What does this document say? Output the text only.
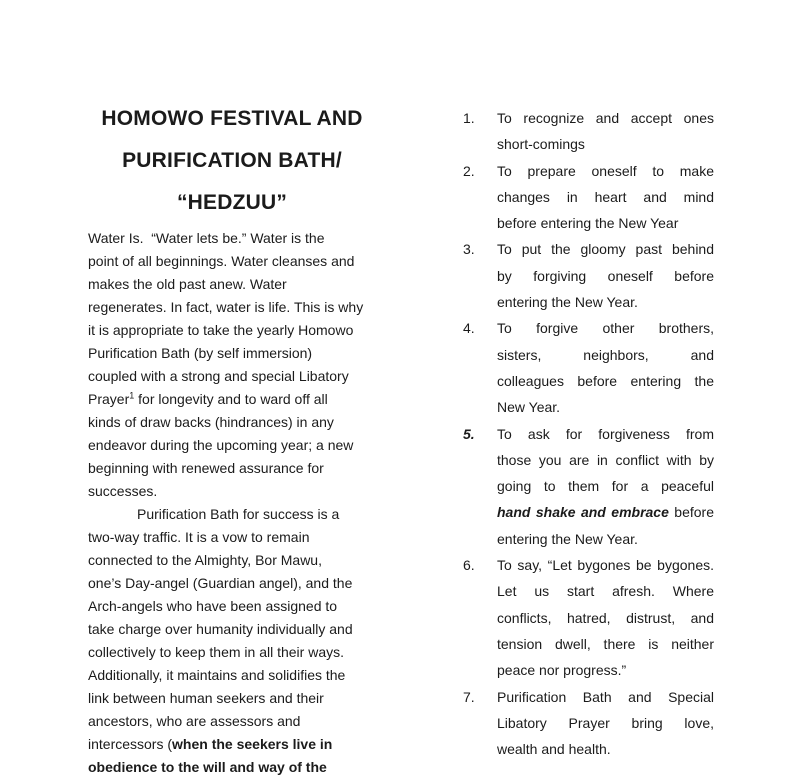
HOMOWO FESTIVAL AND
PURIFICATION BATH/
“HEDZUU”
Water Is.  “Water lets be.” Water is the
point of all beginnings. Water cleanses and
makes the old past anew. Water
regenerates. In fact, water is life. This is why
it is appropriate to take the yearly Homowo
Purification Bath (by self immersion)
coupled with a strong and special Libatory
Prayer$^1$ for longevity and to ward off all
kinds of draw backs (hindrances) in any
endeavor during the upcoming year; a new
beginning with renewed assurance for
successes.
Purification Bath for success is a
two-way traffic. It is a vow to remain
connected to the Almighty, Bor Mawu,
one’s Day-angel (Guardian angel), and the
Arch-angels who have been assigned to
take charge over humanity individually and
collectively to keep them in all their ways.
Additionally, it maintains and solidifies the
link between human seekers and their
ancestors, who are assessors and
intercessors (when the seekers live in
obedience to the will and way of the
1.	To recognize and accept ones
short-comings
2.	To prepare oneself to make
changes in heart and mind
before entering the New Year
3.	To put the gloomy past behind
by forgiving oneself before
entering the New Year.
4.	To forgive other brothers,
sisters, neighbors, and
colleagues before entering the
New Year.
5.	To ask for forgiveness from
those you are in conflict with by
going to them for a peaceful
hand shake and embrace before
entering the New Year.
6.	To say, “Let bygones be bygones.
Let us start afresh. Where
conflicts, hatred, distrust, and
tension dwell, there is neither
peace nor progress.”
7.	Purification Bath and Special
Libatory Prayer bring love,
wealth and health.
